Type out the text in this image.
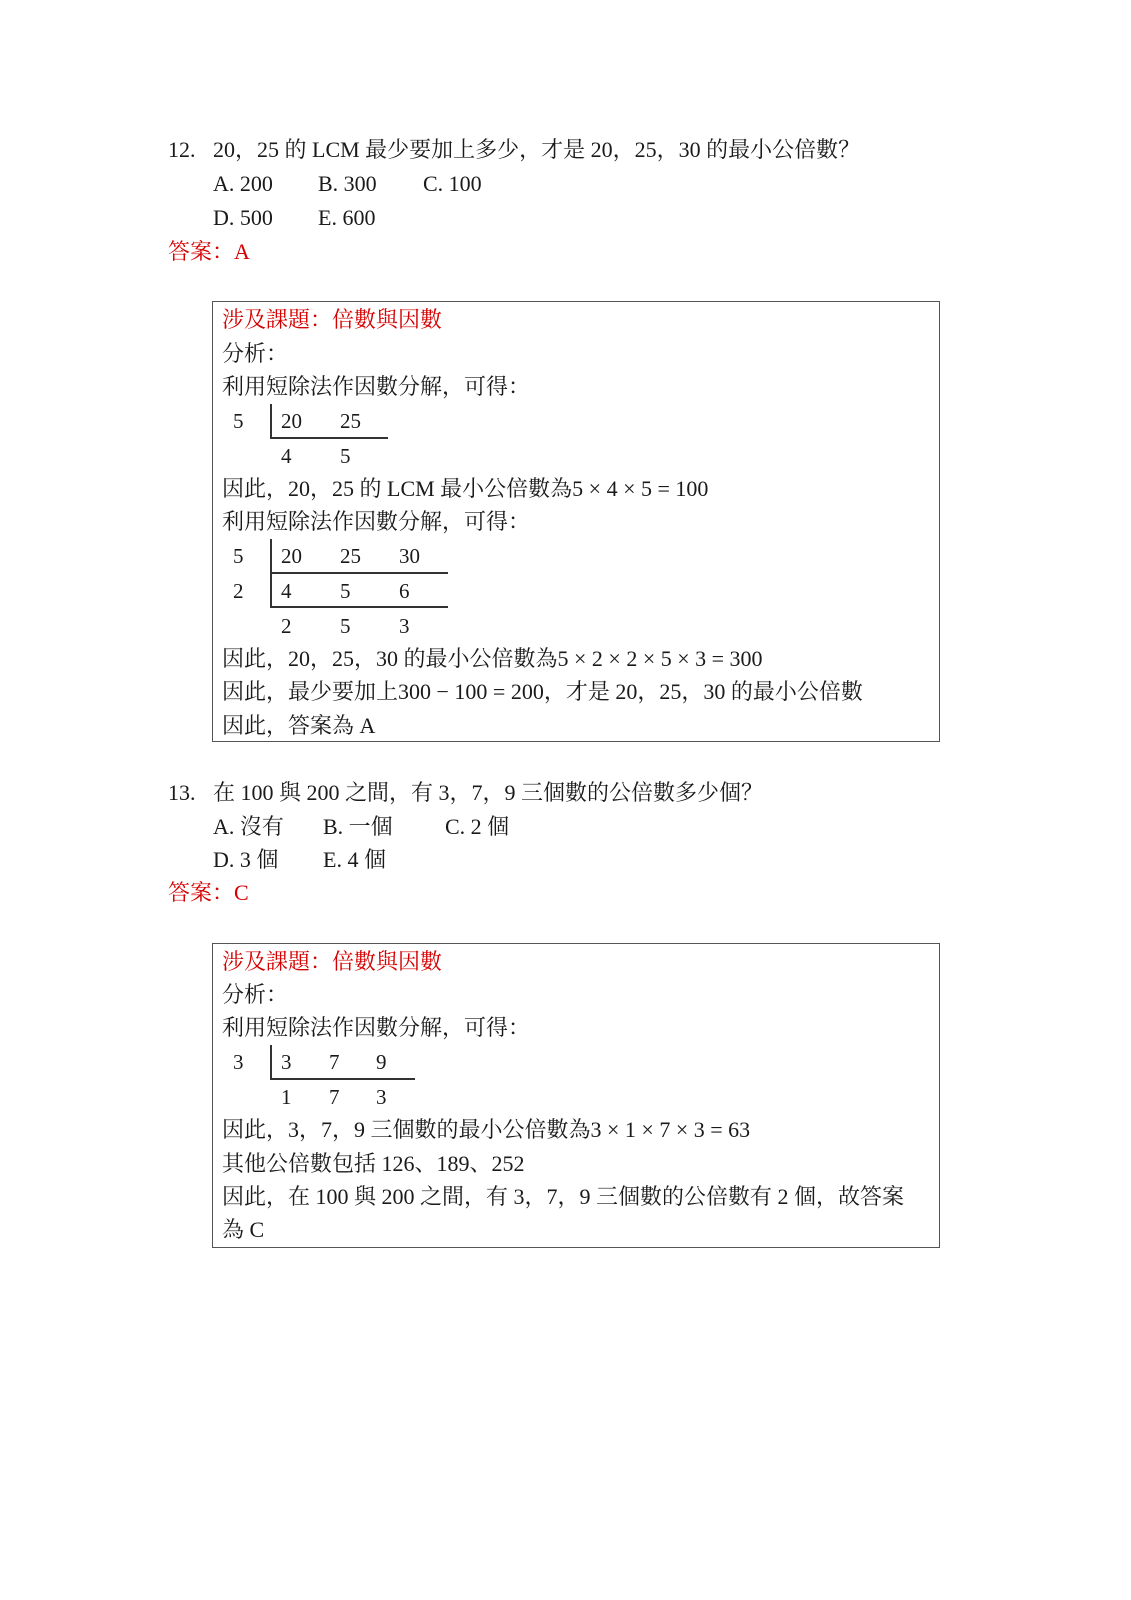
12. 20，25 的 LCM 最少要加上多少，才是 20，25，30 的最小公倍數？
A. 200 B. 300 C. 100
D. 500 E. 600
答案：A
涉及課題：倍數與因數
分析：
利用短除法作因數分解，可得：
5 20 25
4 5
因此，20，25 的 LCM 最小公倍數為5 × 4 × 5 = 100
利用短除法作因數分解，可得：
5 20 25 30
2 4 5 6
2 5 3
因此，20，25，30 的最小公倍數為5 × 2 × 2 × 5 × 3 = 300
因此，最少要加上300 − 100 = 200，才是 20，25，30 的最小公倍數
因此，答案為 A
13. 在 100 與 200 之間，有 3，7，9 三個數的公倍數多少個？
A. 沒有 B. 一個 C. 2 個
D. 3 個 E. 4 個
答案：C
涉及課題：倍數與因數
分析：
利用短除法作因數分解，可得：
3 3 7 9
1 7 3
因此，3，7，9 三個數的最小公倍數為3 × 1 × 7 × 3 = 63
其他公倍數包括 126、189、252
因此，在 100 與 200 之間，有 3，7，9 三個數的公倍數有 2 個，故答案
為 C
